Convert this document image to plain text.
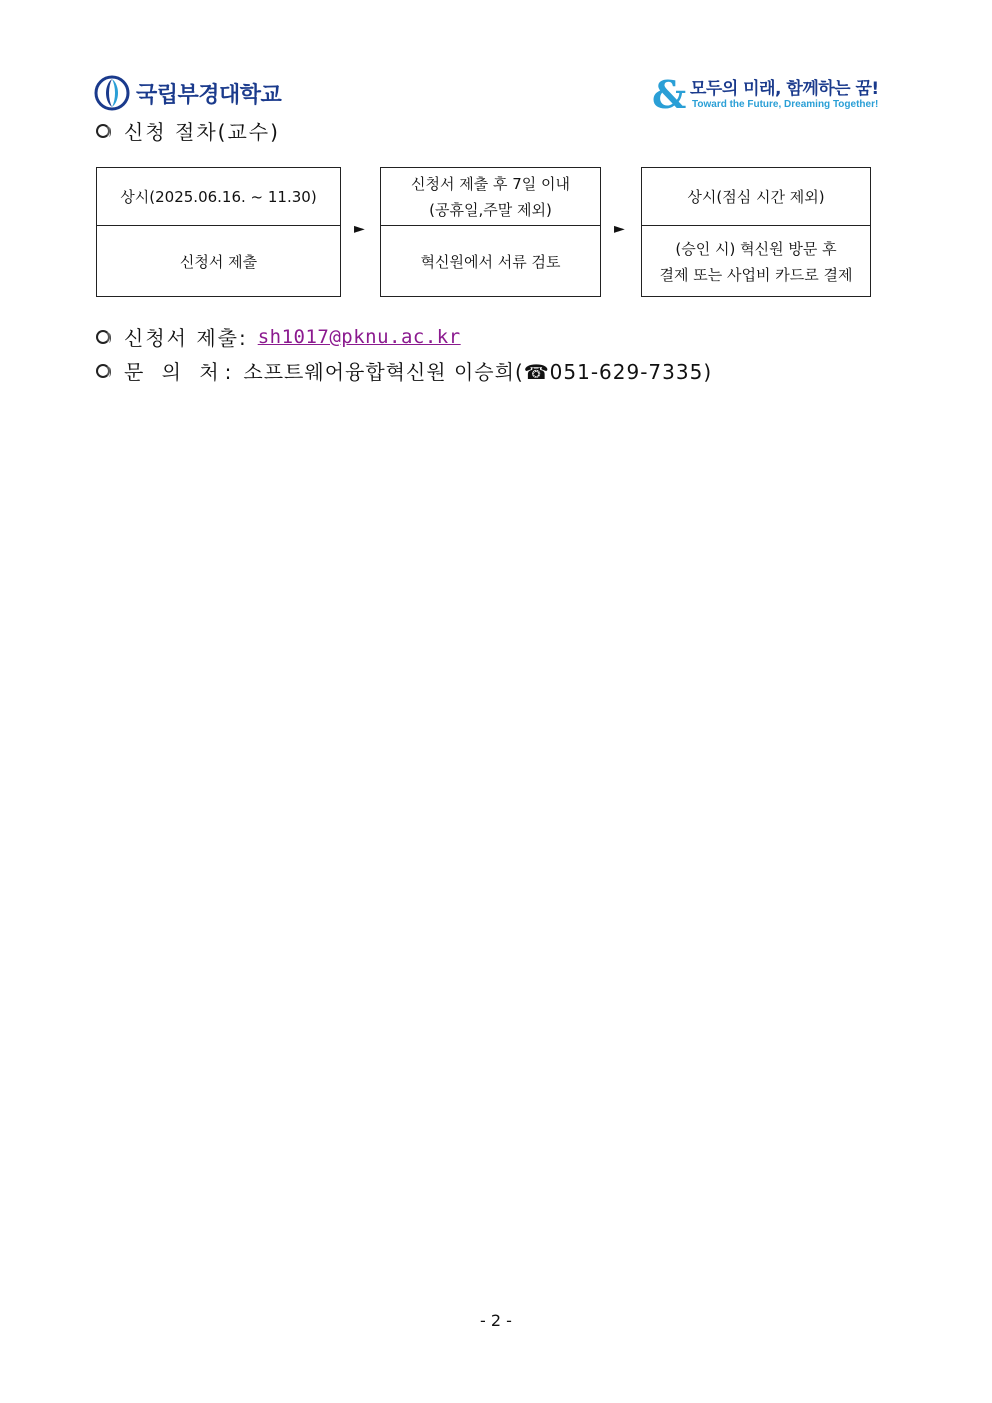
국립부경대학교	& 모두의 미래, 함께하는 꿈!
Toward the Future, Dreaming Together!
신청 절차(교수)
상시(2025.06.16. ~ 11.30)
신청서 제출
►
신청서 제출 후 7일 이내
(공휴일,주말 제외)
혁신원에서 서류 검토
►
상시(점심 시간 제외)
(승인 시) 혁신원 방문 후
결제 또는 사업비 카드로 결제
신청서 제출: sh1017@pknu.ac.kr
문 의 처: 소프트웨어융합혁신원 이승희(☎051-629-7335)
- 2 -
